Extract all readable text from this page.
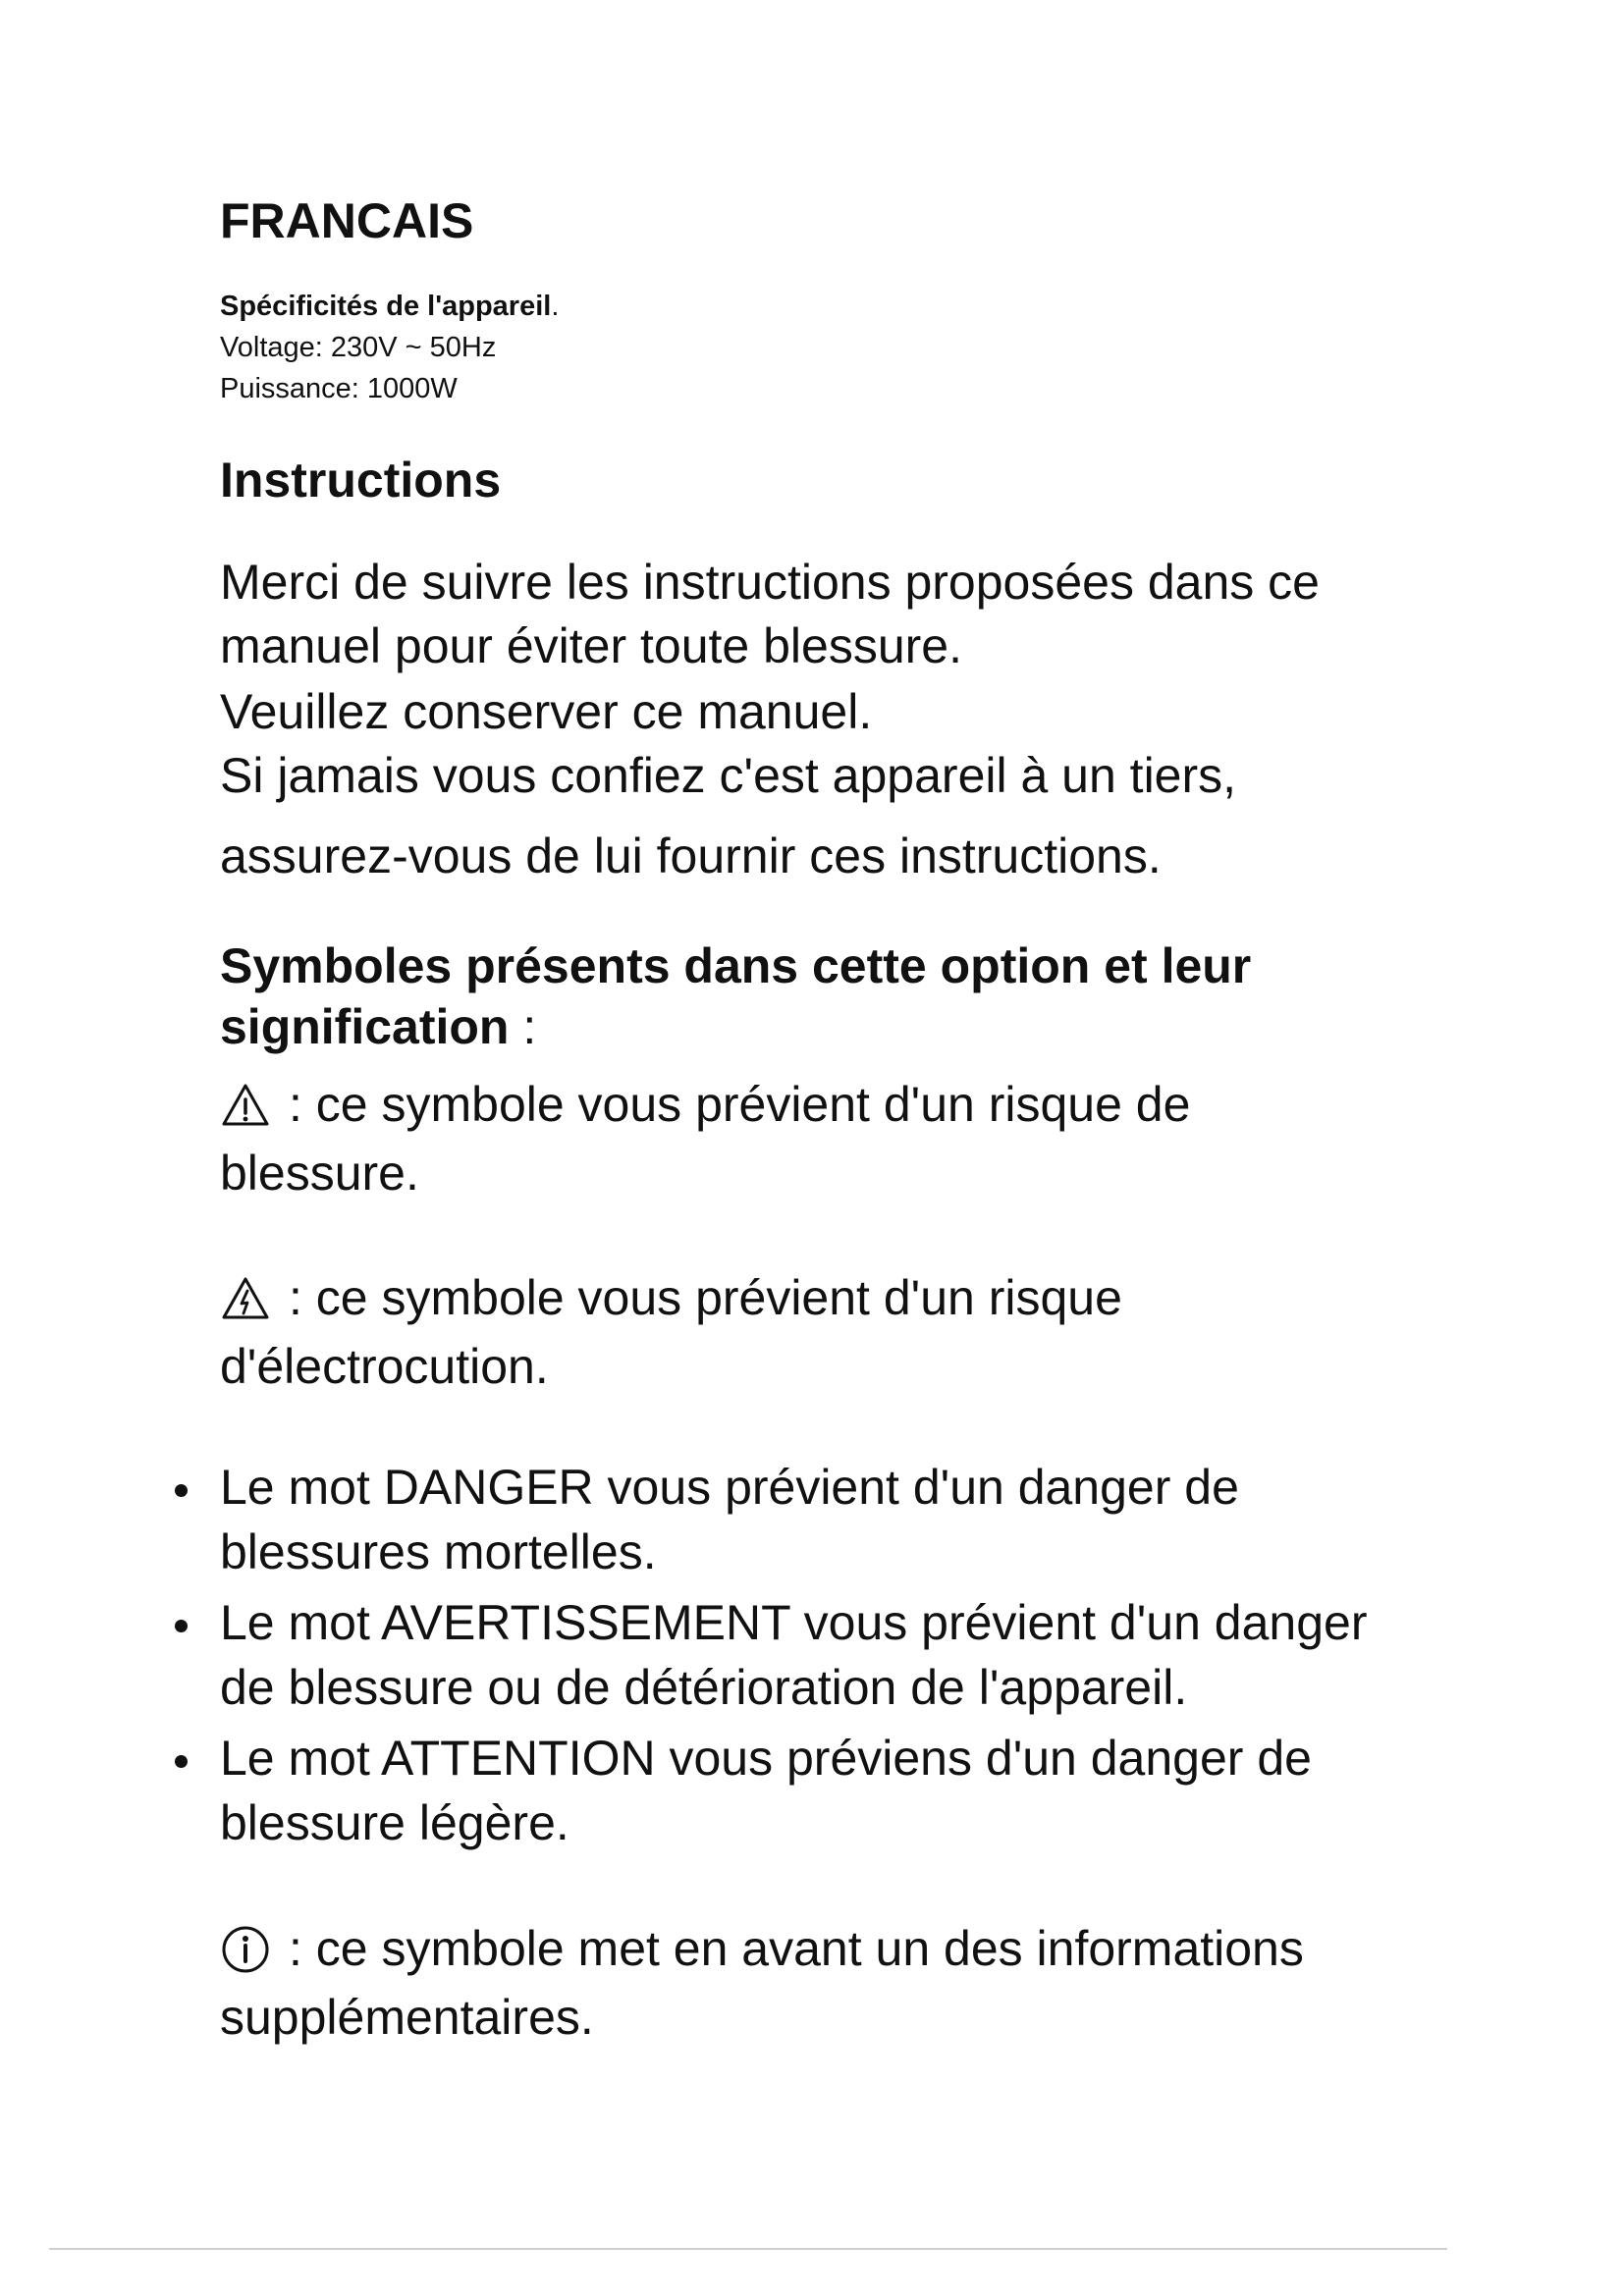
FRANCAIS
Spécificités de l'appareil.
Voltage: 230V ~ 50Hz
Puissance: 1000W
Instructions
Merci de suivre les instructions proposées dans ce
manuel pour éviter toute blessure.
Veuillez conserver ce manuel.
Si jamais vous confiez c'est appareil à un tiers,
assurez-vous de lui fournir ces instructions.
Symboles présents dans cette option et leur
signification :
: ce symbole vous prévient d'un risque de
blessure.
: ce symbole vous prévient d'un risque
d'électrocution.
Le mot DANGER vous prévient d'un danger de
blessures mortelles.
Le mot AVERTISSEMENT vous prévient d'un danger
de blessure ou de détérioration de l'appareil.
Le mot ATTENTION vous préviens d'un danger de
blessure légère.
: ce symbole met en avant un des informations
supplémentaires.
